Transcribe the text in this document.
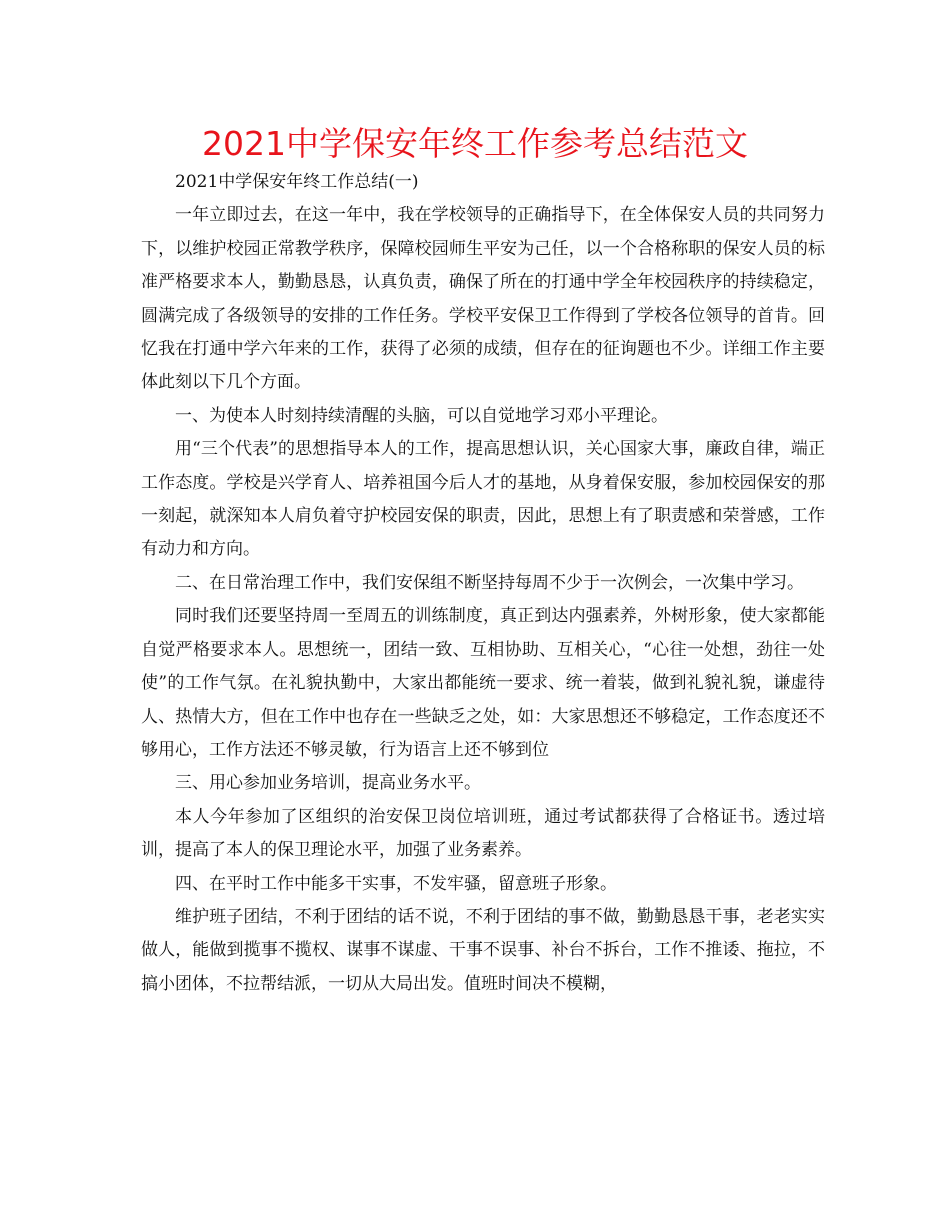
2021中学保安年终工作参考总结范文

2021中学保安年终工作总结(一)

一年立即过去，在这一年中，我在学校领导的正确指导下，在全体保安人员的共同努力下，以维护校园正常教学秩序，保障校园师生平安为己任，以一个合格称职的保安人员的标准严格要求本人，勤勤恳恳，认真负责，确保了所在的打通中学全年校园秩序的持续稳定，圆满完成了各级领导的安排的工作任务。学校平安保卫工作得到了学校各位领导的首肯。回忆我在打通中学六年来的工作，获得了必须的成绩，但存在的征询题也不少。详细工作主要体此刻以下几个方面。

一、为使本人时刻持续清醒的头脑，可以自觉地学习邓小平理论。

用“三个代表”的思想指导本人的工作，提高思想认识，关心国家大事，廉政自律，端正工作态度。学校是兴学育人、培养祖国今后人才的基地，从身着保安服，参加校园保安的那一刻起，就深知本人肩负着守护校园安保的职责，因此，思想上有了职责感和荣誉感，工作有动力和方向。

二、在日常治理工作中，我们安保组不断坚持每周不少于一次例会，一次集中学习。

同时我们还要坚持周一至周五的训练制度，真正到达内强素养，外树形象，使大家都能自觉严格要求本人。思想统一，团结一致、互相协助、互相关心，“心往一处想，劲往一处使”的工作气氛。在礼貌执勤中，大家出都能统一要求、统一着装，做到礼貌礼貌，谦虚待人、热情大方，但在工作中也存在一些缺乏之处，如：大家思想还不够稳定，工作态度还不够用心，工作方法还不够灵敏，行为语言上还不够到位

三、用心参加业务培训，提高业务水平。

本人今年参加了区组织的治安保卫岗位培训班，通过考试都获得了合格证书。透过培训，提高了本人的保卫理论水平，加强了业务素养。

四、在平时工作中能多干实事，不发牢骚，留意班子形象。

维护班子团结，不利于团结的话不说，不利于团结的事不做，勤勤恳恳干事，老老实实做人，能做到揽事不揽权、谋事不谋虚、干事不误事、补台不拆台，工作不推诿、拖拉，不搞小团体，不拉帮结派，一切从大局出发。值班时间决不模糊，
